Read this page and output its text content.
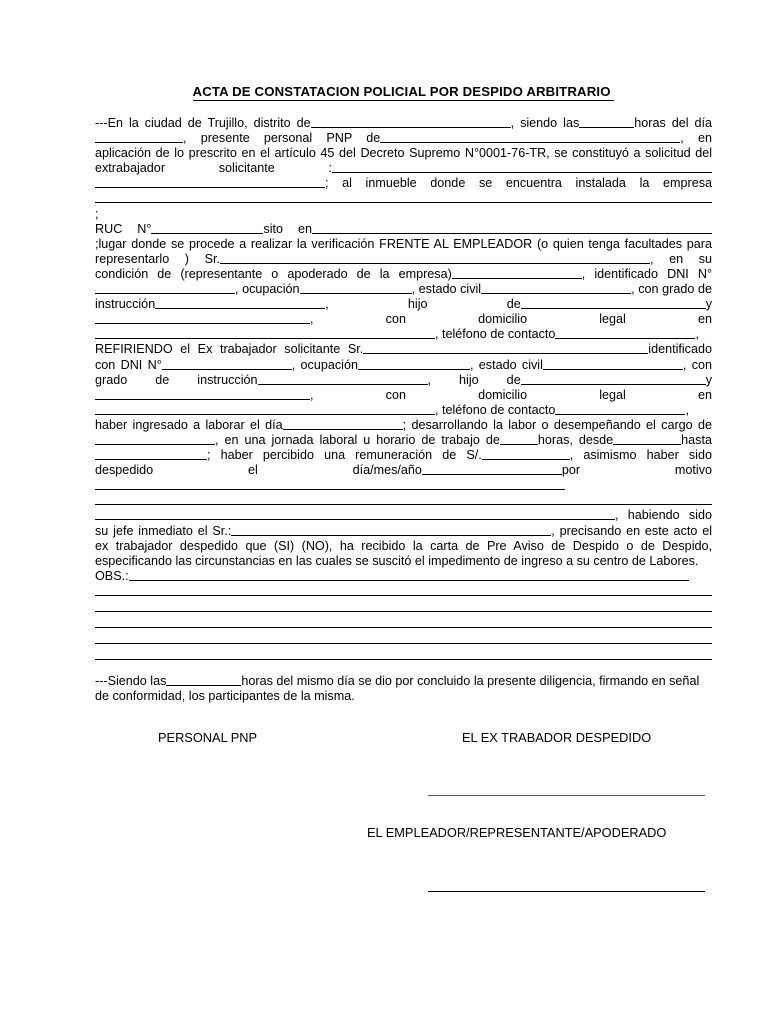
ACTA DE CONSTATACION POLICIAL POR DESPIDO ARBITRARIO

---En la ciudad de Trujillo, distrito de	, siendo las	horas del día, presente personal PNP de	, en aplicación de lo prescrito en el artículo 45 del Decreto Supremo N°0001-76-TR, se constituyó a solicitud del extrabajador solicitante :; al inmueble donde se encuentra instalada la empresa;

RUC N°	sito en;lugar donde se procede a realizar la verificación FRENTE AL EMPLEADOR (o quien tenga facultades para representarlo ) Sr.	, en su condición de (representante o apoderado de la empresa)	, identificado DNI N°, ocupación	, estado civil	, con grado de instrucción	, hijo de	y, con domicilio legal en, teléfono de contacto	,

REFIRIENDO el Ex trabajador solicitante Sr.	identificado con DNI N°	, ocupación	, estado civil	, con grado de instrucción	, hijo de	y, con domicilio legal en, teléfono de contacto	,

haber ingresado a laborar el día	; desarrollando la labor o desempeñando el cargo de, en una jornada laboral u horario de trabajo de	horas, desde	hasta; haber percibido una remuneración de S/.	, asimismo haber sido despedido el día/mes/año	por motivo, habiendo sido su jefe inmediato el Sr.:	, precisando en este acto el ex trabajador despedido que (SI) (NO), ha recibido la carta de Pre Aviso de Despido o de Despido, especificando las circunstancias en las cuales se suscitó el impedimento de ingreso a su centro de Labores.

OBS.:

---Siendo las	horas del mismo día se dio por concluido la presente diligencia, firmando en señal de conformidad, los participantes de la misma.
PERSONAL PNP	EL EX TRABADOR DESPEDIDO
EL EMPLEADOR/REPRESENTANTE/APODERADO
